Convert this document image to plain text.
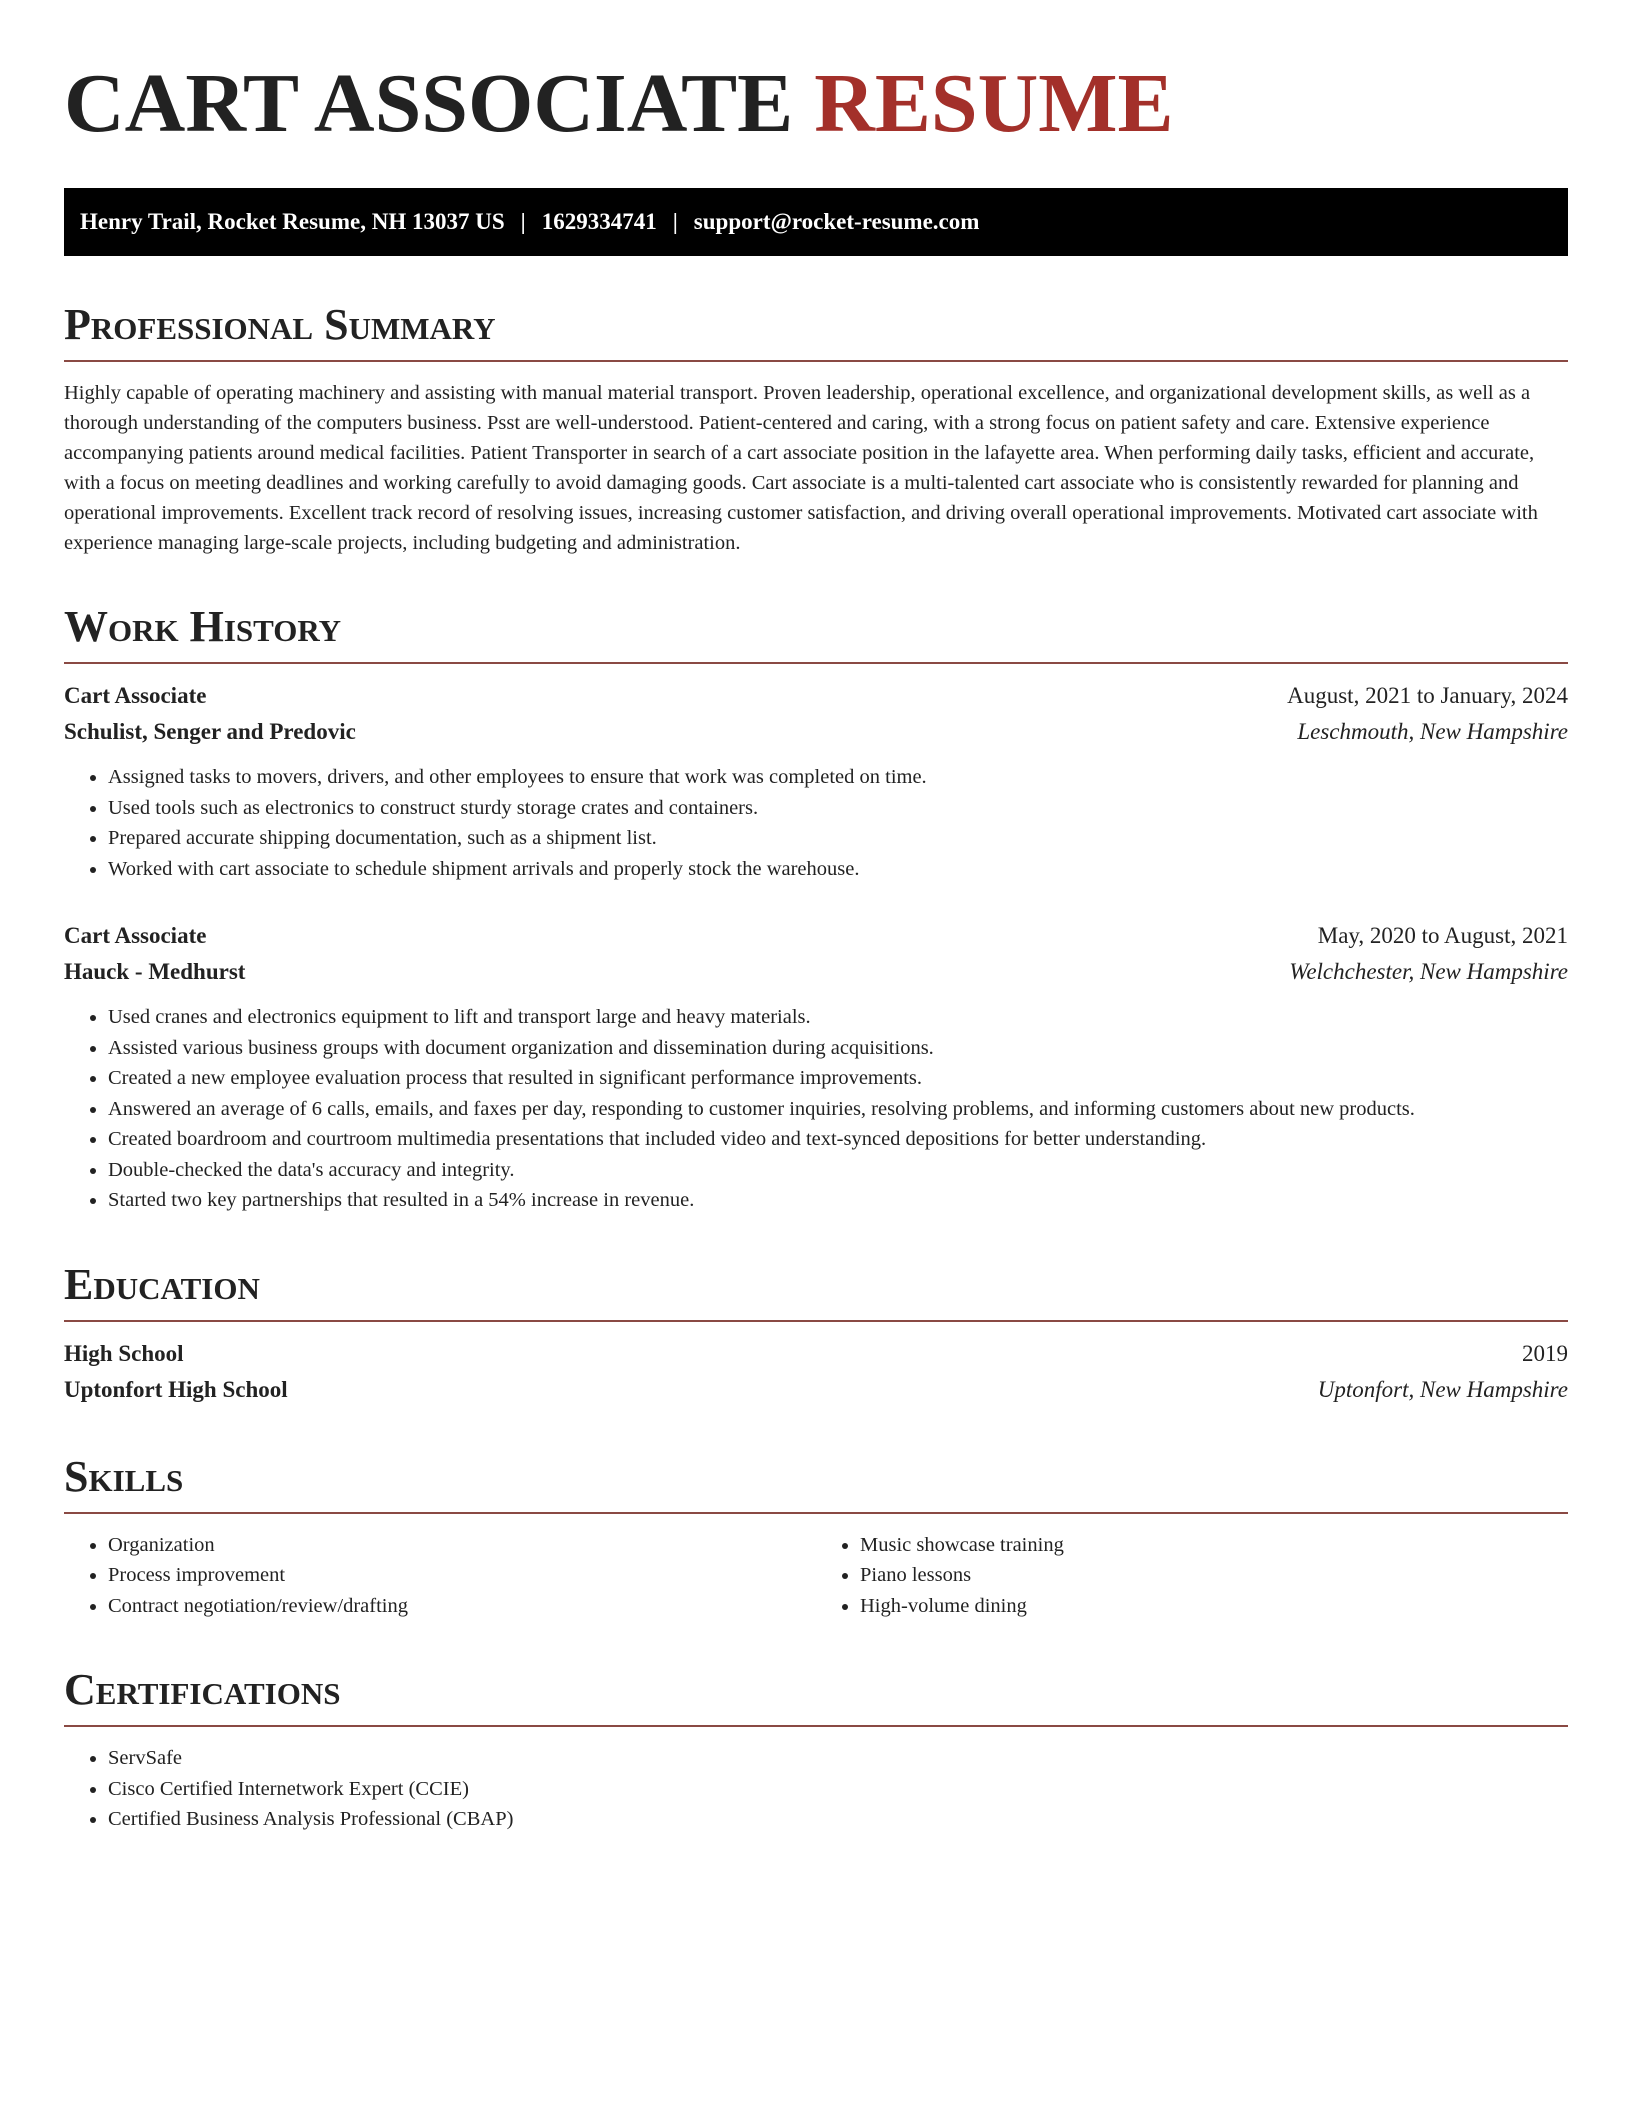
CART ASSOCIATE RESUME
Henry Trail, Rocket Resume, NH 13037 US | 1629334741 | support@rocket-resume.com
Professional Summary

Highly capable of operating machinery and assisting with manual material transport. Proven leadership, operational excellence, and organizational development skills, as well as a thorough understanding of the computers business. Psst are well-understood. Patient-centered and caring, with a strong focus on patient safety and care. Extensive experience accompanying patients around medical facilities. Patient Transporter in search of a cart associate position in the lafayette area. When performing daily tasks, efficient and accurate, with a focus on meeting deadlines and working carefully to avoid damaging goods. Cart associate is a multi-talented cart associate who is consistently rewarded for planning and operational improvements. Excellent track record of resolving issues, increasing customer satisfaction, and driving overall operational improvements. Motivated cart associate with experience managing large-scale projects, including budgeting and administration.

Work History
Cart Associate	August, 2021 to January, 2024
Schulist, Senger and Predovic	Leschmouth, New Hampshire
• Assigned tasks to movers, drivers, and other employees to ensure that work was completed on time.
• Used tools such as electronics to construct sturdy storage crates and containers.
• Prepared accurate shipping documentation, such as a shipment list.
• Worked with cart associate to schedule shipment arrivals and properly stock the warehouse.
Cart Associate	May, 2020 to August, 2021
Hauck - Medhurst	Welchchester, New Hampshire
• Used cranes and electronics equipment to lift and transport large and heavy materials.
• Assisted various business groups with document organization and dissemination during acquisitions.
• Created a new employee evaluation process that resulted in significant performance improvements.
• Answered an average of 6 calls, emails, and faxes per day, responding to customer inquiries, resolving problems, and informing customers about new products.
• Created boardroom and courtroom multimedia presentations that included video and text-synced depositions for better understanding.
• Double-checked the data's accuracy and integrity.
• Started two key partnerships that resulted in a 54% increase in revenue.
Education
High School	2019
Uptonfort High School	Uptonfort, New Hampshire
Skills
• Organization
• Process improvement
• Contract negotiation/review/drafting
• Music showcase training
• Piano lessons
• High-volume dining
Certifications
• ServSafe
• Cisco Certified Internetwork Expert (CCIE)
• Certified Business Analysis Professional (CBAP)
